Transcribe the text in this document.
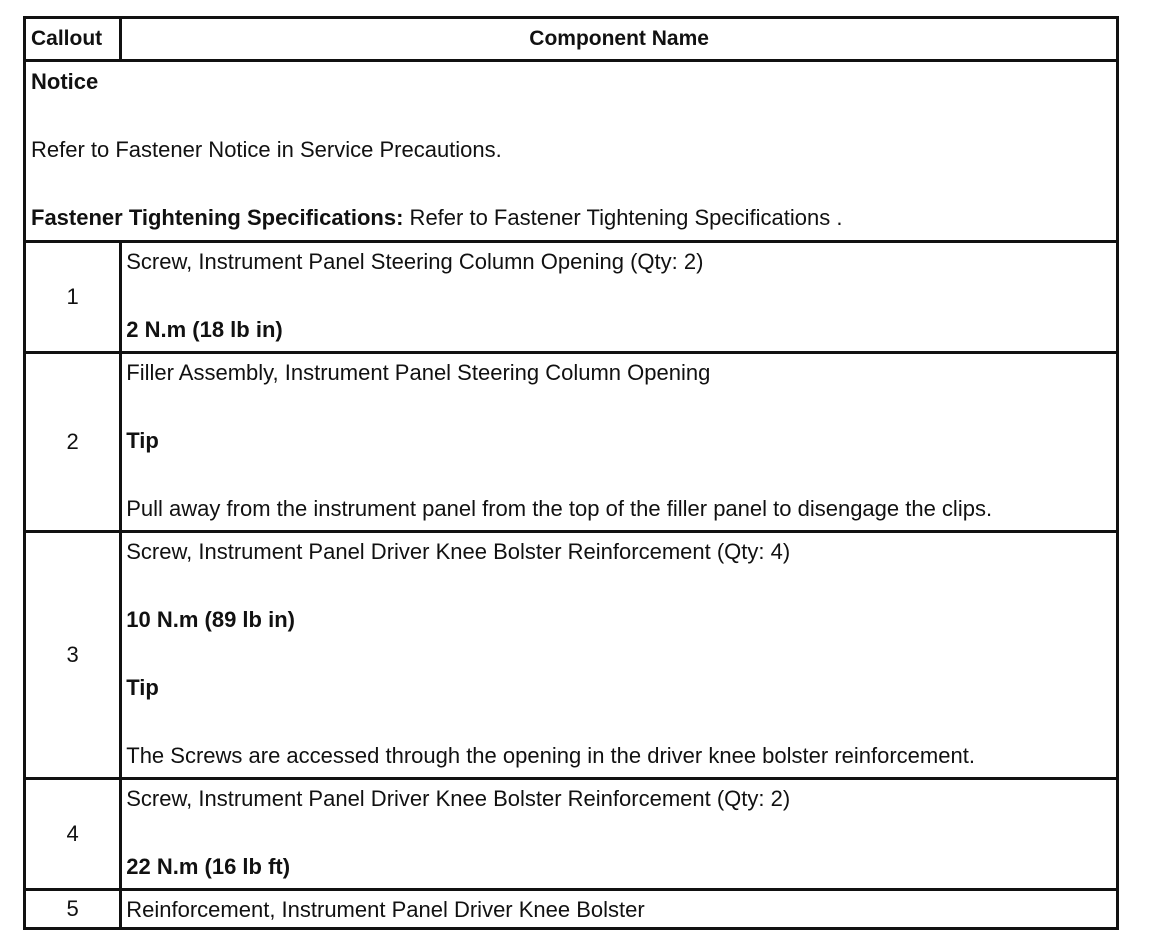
Callout	Component Name

Notice

Refer to Fastener Notice in Service Precautions.

Fastener Tightening Specifications: Refer to Fastener Tightening Specifications .	

1	Screw, Instrument Panel Steering Column Opening (Qty: 2)

2 N.m (18 lb in)

2	Filler Assembly, Instrument Panel Steering Column Opening

Tip

Pull away from the instrument panel from the top of the filler panel to disengage the clips.

3	Screw, Instrument Panel Driver Knee Bolster Reinforcement (Qty: 4)

10 N.m (89 lb in)

Tip

The Screws are accessed through the opening in the driver knee bolster reinforcement.

4	Screw, Instrument Panel Driver Knee Bolster Reinforcement (Qty: 2)

22 N.m (16 lb ft)

5	Reinforcement, Instrument Panel Driver Knee Bolster
